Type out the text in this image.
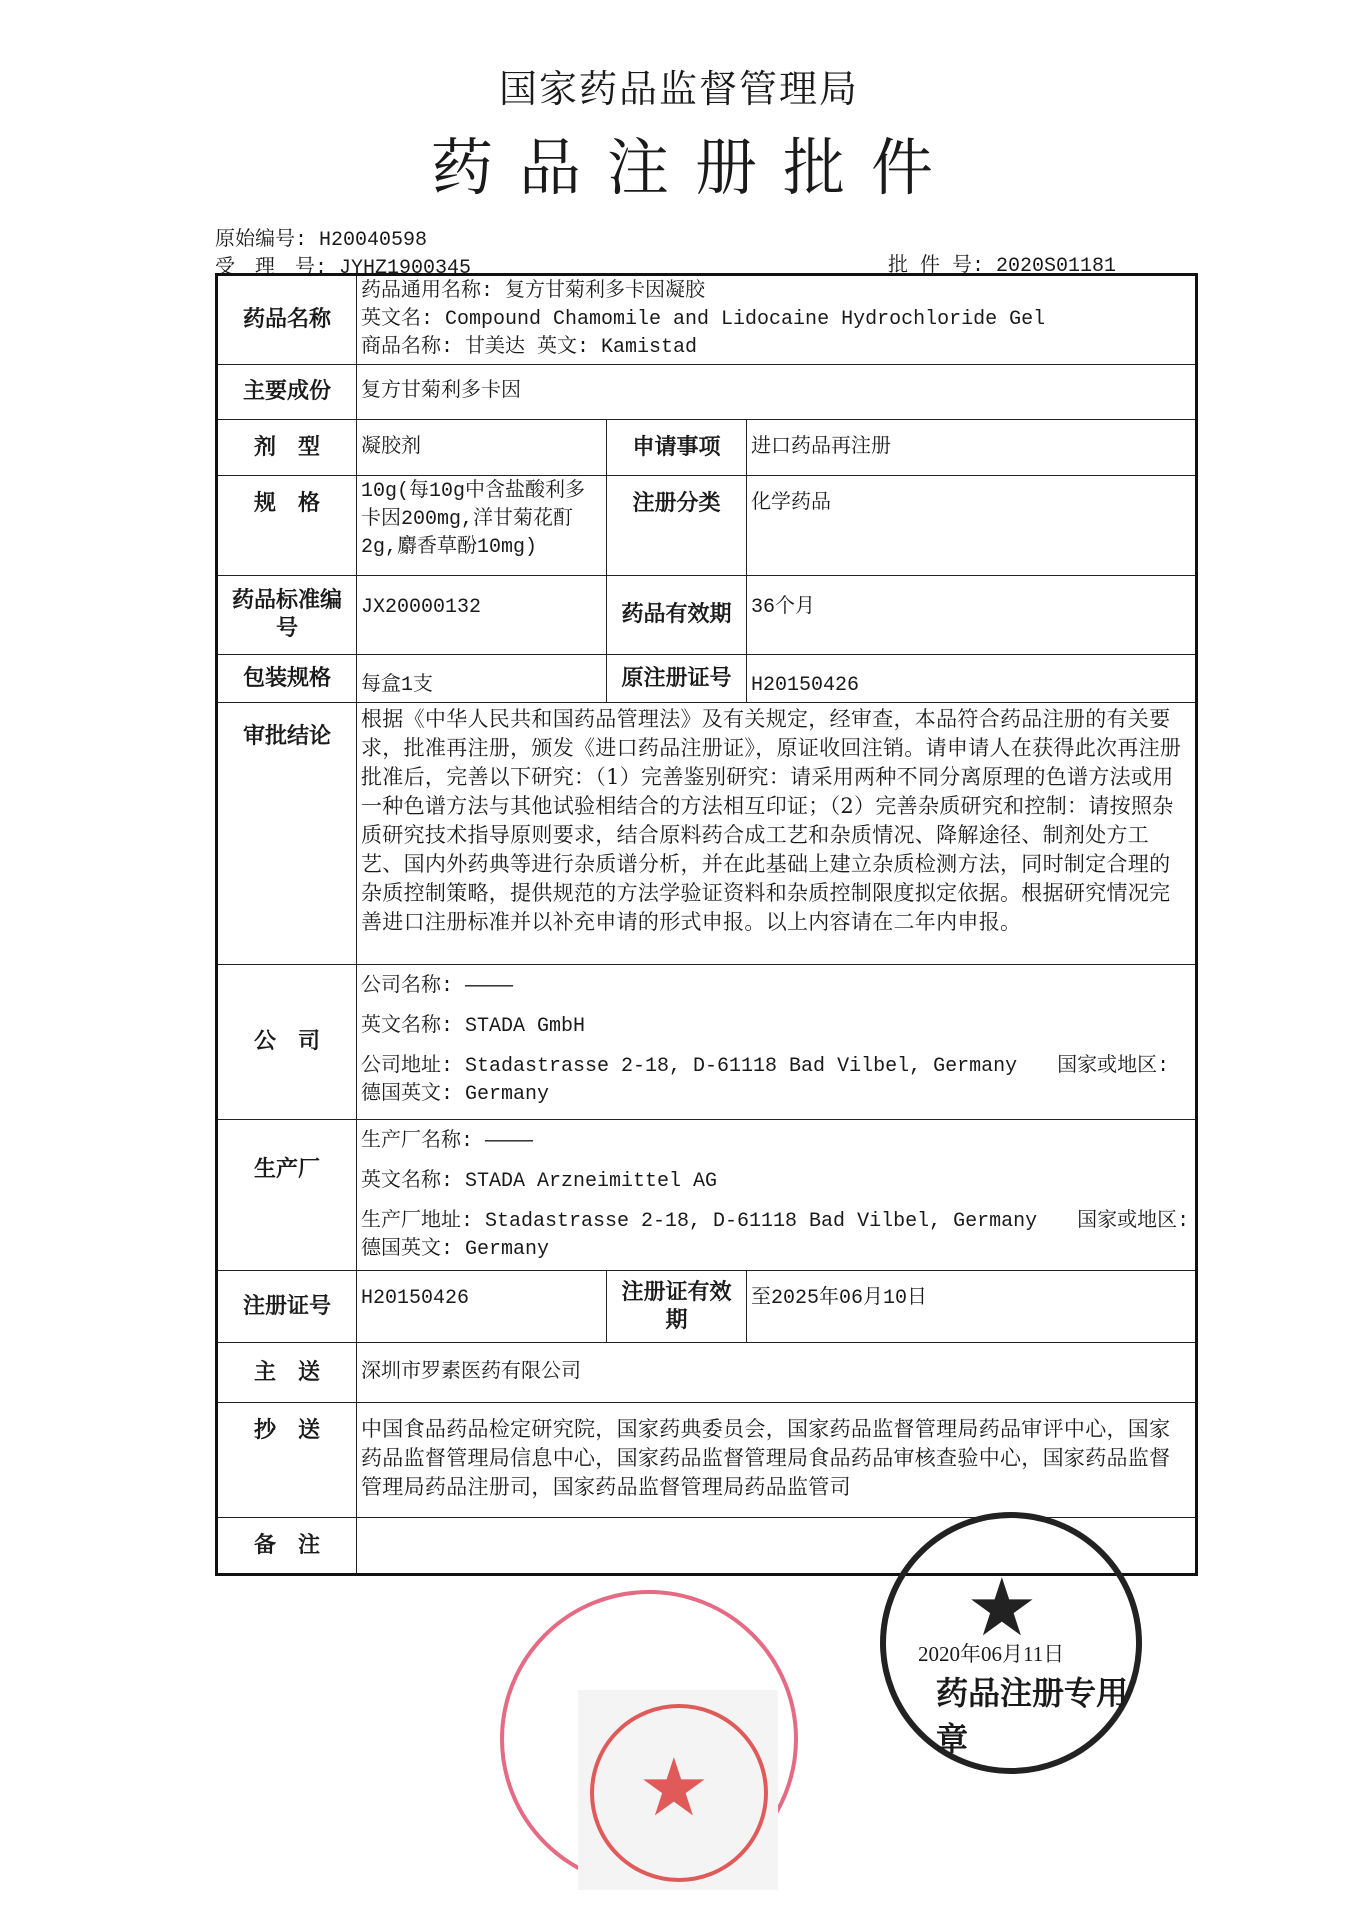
国家药品监督管理局
药品注册批件
原始编号: H20040598
受　理　号: JYHZ1900345	批 件 号: 2020S01181
药品名称	药品通用名称: 复方甘菊利多卡因凝胶
英文名: Compound Chamomile and Lidocaine Hydrochloride Gel
商品名称: 甘美达 英文: Kamistad		

主要成份	复方甘菊利多卡因		
剂　型	凝胶剂	申请事项	进口药品再注册
规　格	10g(每10g中含盐酸利多卡因200mg,洋甘菊花酊2g,麝香草酚10mg)	注册分类	化学药品
药品标准编号	JX20000132	药品有效期	36个月
包装规格	每盒1支	原注册证号	H20150426
审批结论	根据《中华人民共和国药品管理法》及有关规定，经审查，本品符合药品注册的有关要求，批准再注册，颁发《进口药品注册证》，原证收回注销。请申请人在获得此次再注册批准后，完善以下研究：（1）完善鉴别研究：请采用两种不同分离原理的色谱方法或用一种色谱方法与其他试验相结合的方法相互印证；（2）完善杂质研究和控制：请按照杂质研究技术指导原则要求，结合原料药合成工艺和杂质情况、降解途径、制剂处方工艺、国内外药典等进行杂质谱分析，并在此基础上建立杂质检测方法，同时制定合理的杂质控制策略，提供规范的方法学验证资料和杂质控制限度拟定依据。根据研究情况完善进口注册标准并以补充申请的形式申报。以上内容请在二年内申报。		
公　司	公司名称: ————
英文名称: STADA GmbH
公司地址: Stadastrasse 2-18, D-61118 Bad Vilbel, Germany　　国家或地区: 德国英文: Germany		

生产厂	生产厂名称: ————
英文名称: STADA Arzneimittel AG
生产厂地址: Stadastrasse 2-18, D-61118 Bad Vilbel, Germany　　国家或地区: 德国英文: Germany		

注册证号	H20150426	注册证有效期	至2025年06月10日
主　送	深圳市罗素医药有限公司		
抄　送	中国食品药品检定研究院，国家药典委员会，国家药品监督管理局药品审评中心，国家药品监督管理局信息中心，国家药品监督管理局食品药品审核查验中心，国家药品监督管理局药品注册司，国家药品监督管理局药品监管司		
备　注			
★
★
药品注册专用章
2020年06月11日
